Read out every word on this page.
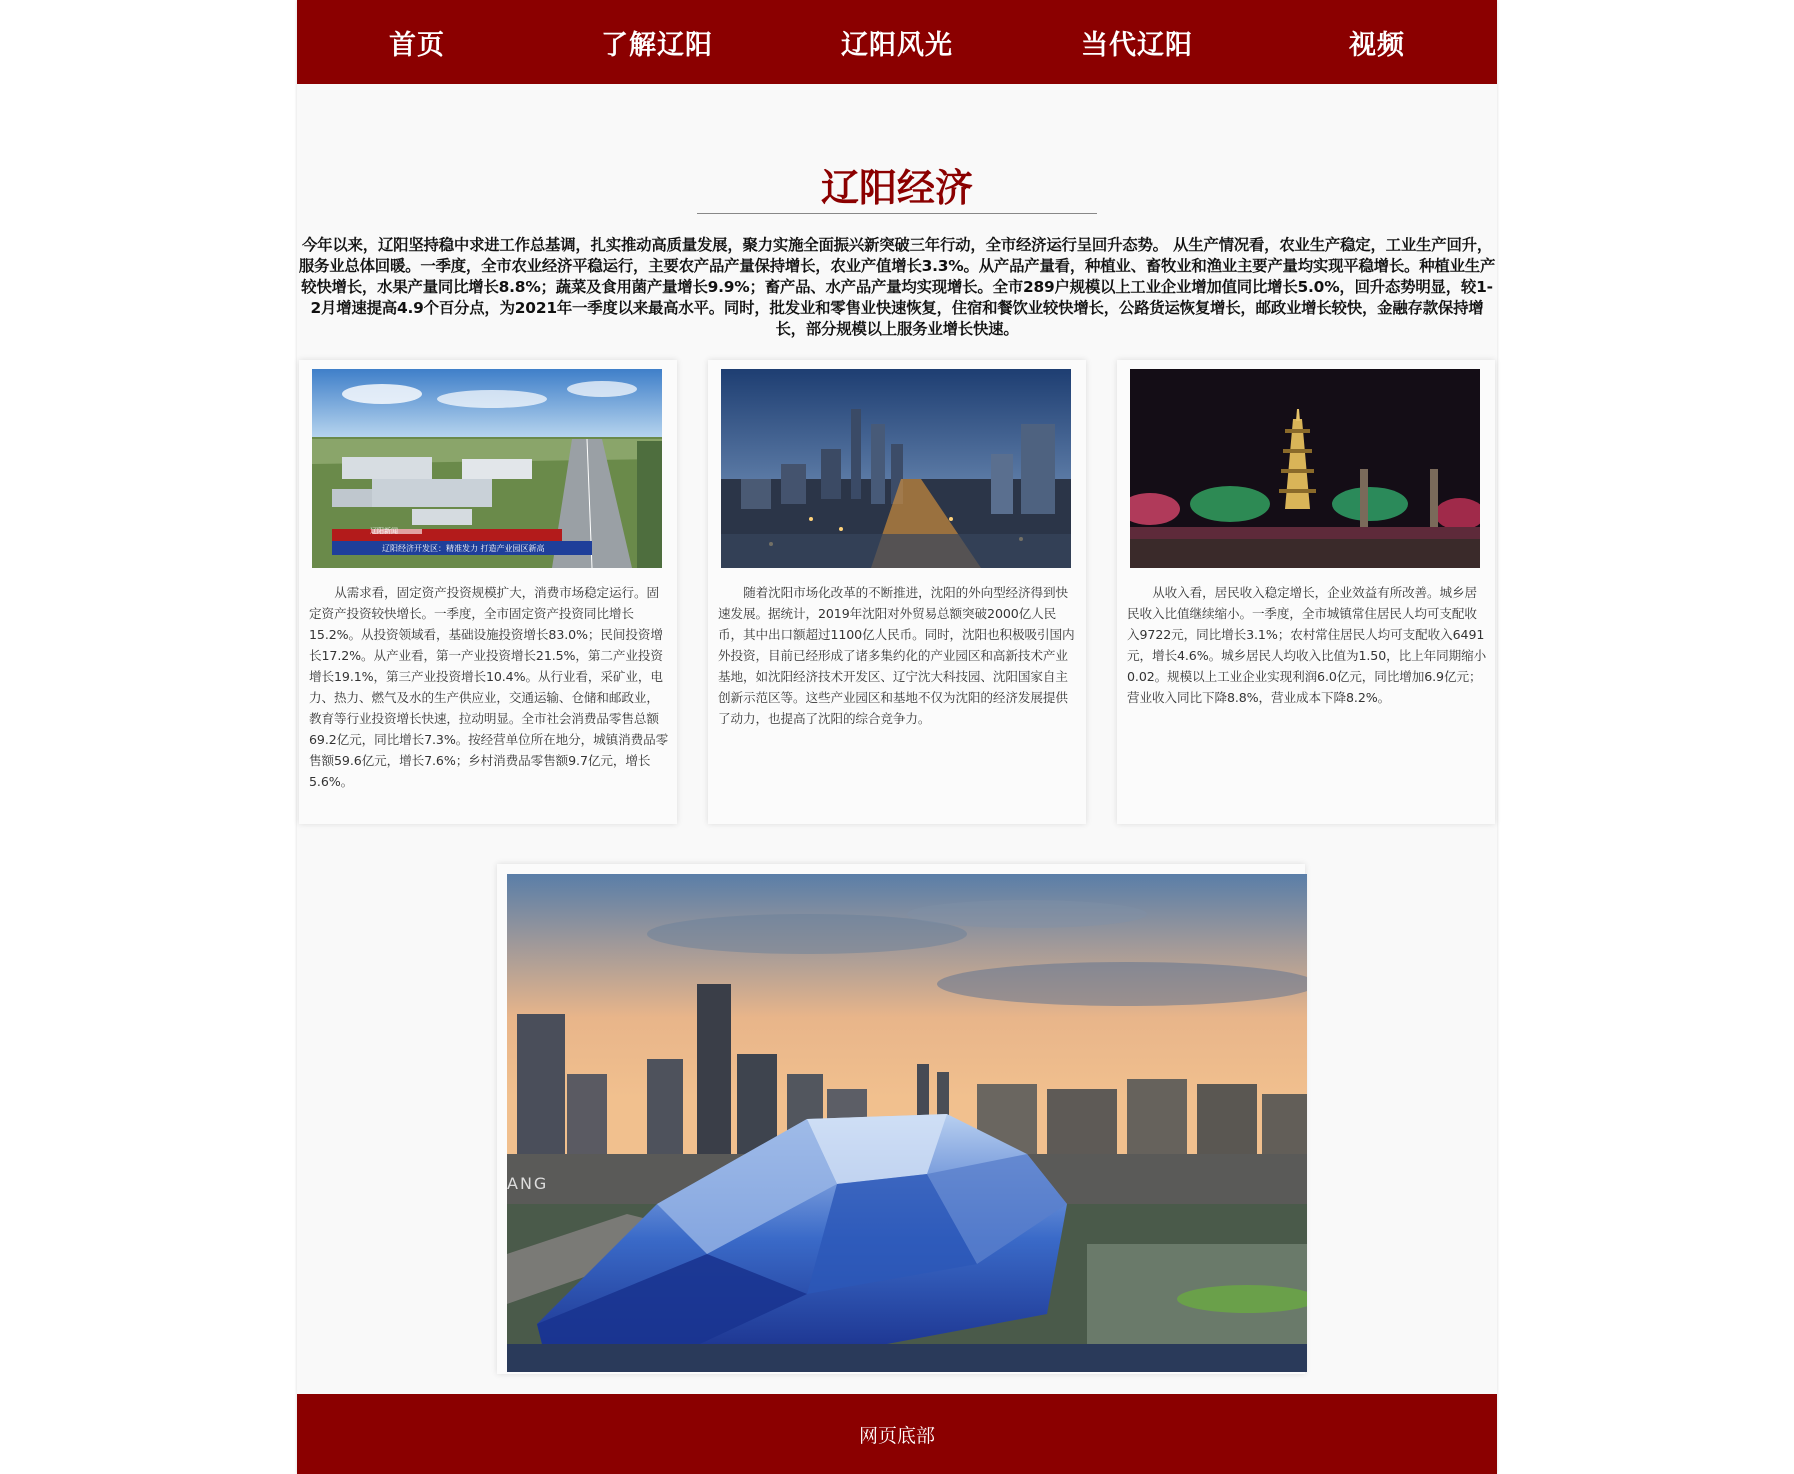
首页	了解辽阳	辽阳风光	当代辽阳	视频
辽阳经济

今年以来，辽阳坚持稳中求进工作总基调，扎实推动高质量发展，聚力实施全面振兴新突破三年行动，全市经济运行呈回升态势。 从生产情况看，农业生产稳定，工业生产回升，服务业总体回暖。一季度，全市农业经济平稳运行，主要农产品产量保持增长，农业产值增长3.3%。从产品产量看，种植业、畜牧业和渔业主要产量均实现平稳增长。种植业生产较快增长，水果产量同比增长8.8%；蔬菜及食用菌产量增长9.9%；畜产品、水产品产量均实现增长。全市289户规模以上工业企业增加值同比增长5.0%，回升态势明显，较1-2月增速提高4.9个百分点，为2021年一季度以来最高水平。同时，批发业和零售业快速恢复，住宿和餐饮业较快增长，公路货运恢复增长，邮政业增长较快，金融存款保持增长，部分规模以上服务业增长快速。

辽阳新闻
辽阳经济开发区：精准发力 打造产业园区新高

从需求看，固定资产投资规模扩大，消费市场稳定运行。固定资产投资较快增长。一季度，全市固定资产投资同比增长15.2%。从投资领域看，基础设施投资增长83.0%；民间投资增长17.2%。从产业看，第一产业投资增长21.5%，第二产业投资增长19.1%，第三产业投资增长10.4%。从行业看，采矿业，电力、热力、燃气及水的生产供应业，交通运输、仓储和邮政业，教育等行业投资增长快速，拉动明显。全市社会消费品零售总额69.2亿元，同比增长7.3%。按经营单位所在地分，城镇消费品零售额59.6亿元，增长7.6%；乡村消费品零售额9.7亿元，增长5.6%。

随着沈阳市场化改革的不断推进，沈阳的外向型经济得到快速发展。据统计，2019年沈阳对外贸易总额突破2000亿人民币，其中出口额超过1100亿人民币。同时，沈阳也积极吸引国内外投资，目前已经形成了诸多集约化的产业园区和高新技术产业基地，如沈阳经济技术开发区、辽宁沈大科技园、沈阳国家自主创新示范区等。这些产业园区和基地不仅为沈阳的经济发展提供了动力，也提高了沈阳的综合竞争力。

从收入看，居民收入稳定增长，企业效益有所改善。城乡居民收入比值继续缩小。一季度，全市城镇常住居民人均可支配收入9722元，同比增长3.1%；农村常住居民人均可支配收入6491元，增长4.6%。城乡居民人均收入比值为1.50，比上年同期缩小0.02。规模以上工业企业实现利润6.0亿元，同比增加6.9亿元；营业收入同比下降8.8%，营业成本下降8.2%。

ANG
网页底部
